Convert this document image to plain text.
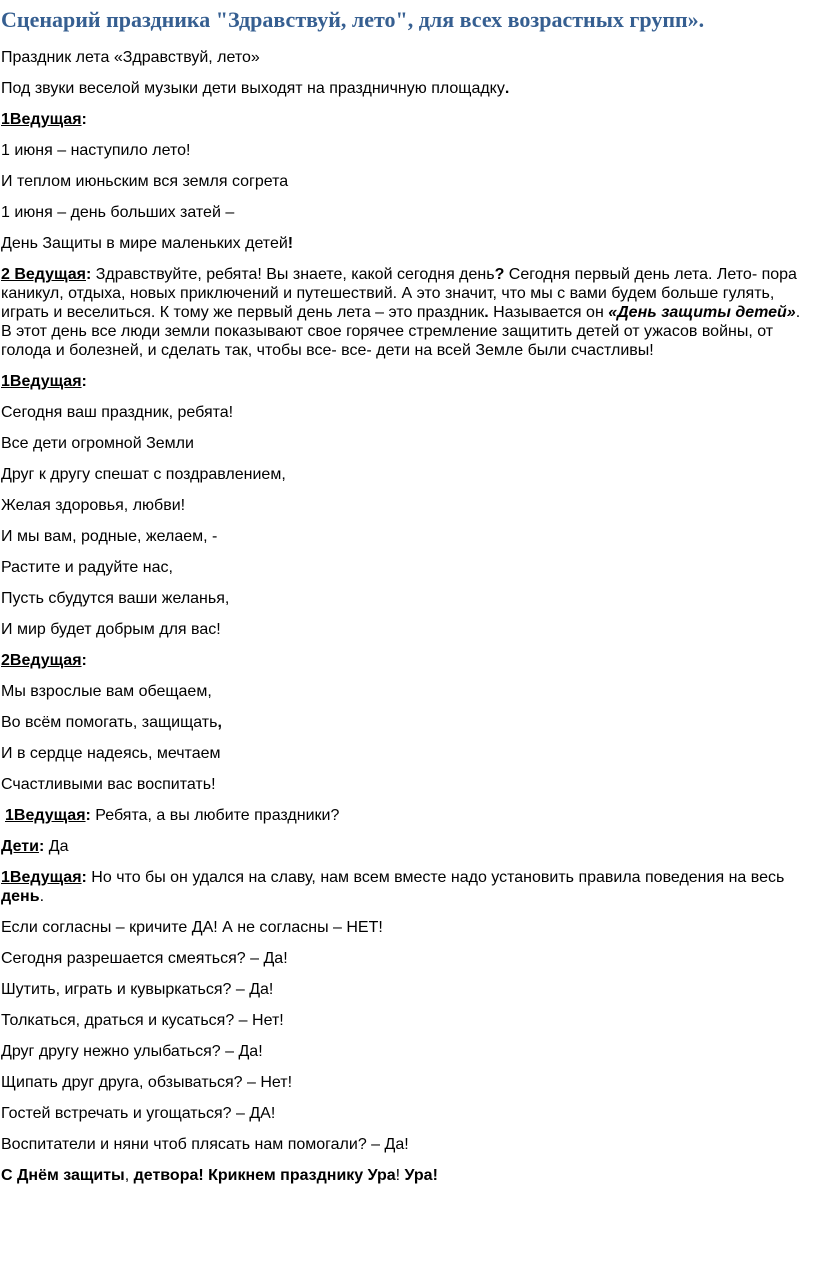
Сценарий праздника "Здравствуй, лето", для всех возрастных групп».

Праздник лета «Здравствуй, лето»

Под звуки веселой музыки дети выходят на праздничную площадку.

1Ведущая:

1 июня – наступило лето!

И теплом июньским вся земля согрета

1 июня – день больших затей –

День Защиты в мире маленьких детей!

2 Ведущая: Здравствуйте, ребята! Вы знаете, какой сегодня день? Сегодня первый день лета. Лето- пора каникул, отдыха, новых приключений и путешествий. А это значит, что мы с вами будем больше гулять, играть и веселиться. К тому же первый день лета – это праздник. Называется он «День защиты детей». В этот день все люди земли показывают свое горячее стремление защитить детей от ужасов войны, от голода и болезней, и сделать так, чтобы все- все- дети на всей Земле были счастливы!

1Ведущая:

Сегодня ваш праздник, ребята!

Все дети огромной Земли

Друг к другу спешат с поздравлением,

Желая здоровья, любви!

И мы вам, родные, желаем, -

Растите и радуйте нас,

Пусть сбудутся ваши желанья,

И мир будет добрым для вас!

2Ведущая:

Мы взрослые вам обещаем,

Во всём помогать, защищать,

И в сердце надеясь, мечтаем

Счастливыми вас воспитать!

1Ведущая: Ребята, а вы любите праздники?

Дети: Да

1Ведущая: Но что бы он удался на славу, нам всем вместе надо установить правила поведения на весь день.

Если согласны – кричите ДА! А не согласны – НЕТ!

Сегодня разрешается смеяться? – Да!

Шутить, играть и кувыркаться? – Да!

Толкаться, драться и кусаться? – Нет!

Друг другу нежно улыбаться? – Да!

Щипать друг друга, обзываться? – Нет!

Гостей встречать и угощаться? – ДА!

Воспитатели и няни чтоб плясать нам помогали? – Да!

С Днём защиты, детвора! Крикнем празднику Ура! Ура!
